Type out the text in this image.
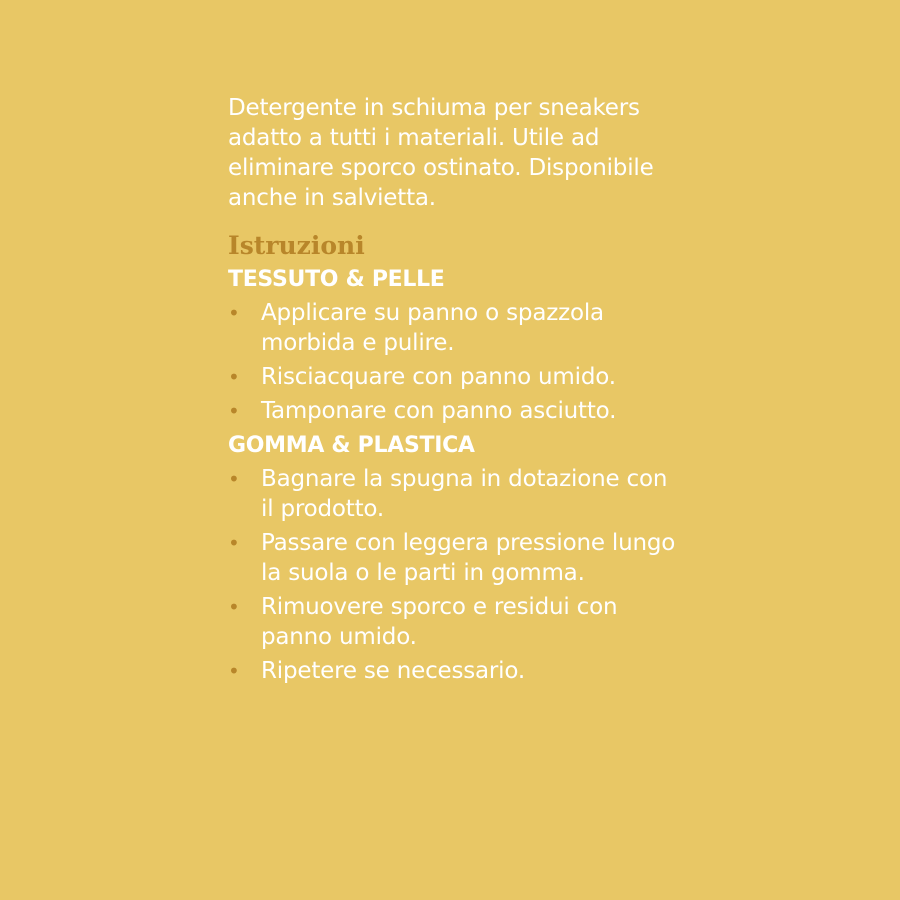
Detergente in schiuma per sneakers adatto a tutti i materiali. Utile ad eliminare sporco ostinato. Disponibile anche in salvietta.

Istruzioni
TESSUTO & PELLE
•
Applicare su panno o spazzola morbida e pulire.
•
Risciacquare con panno umido.
•
Tamponare con panno asciutto.
GOMMA & PLASTICA
•
Bagnare la spugna in dotazione con il prodotto.
•
Passare con leggera pressione lungo la suola o le parti in gomma.
•
Rimuovere sporco e residui con panno umido.
•
Ripetere se necessario.
